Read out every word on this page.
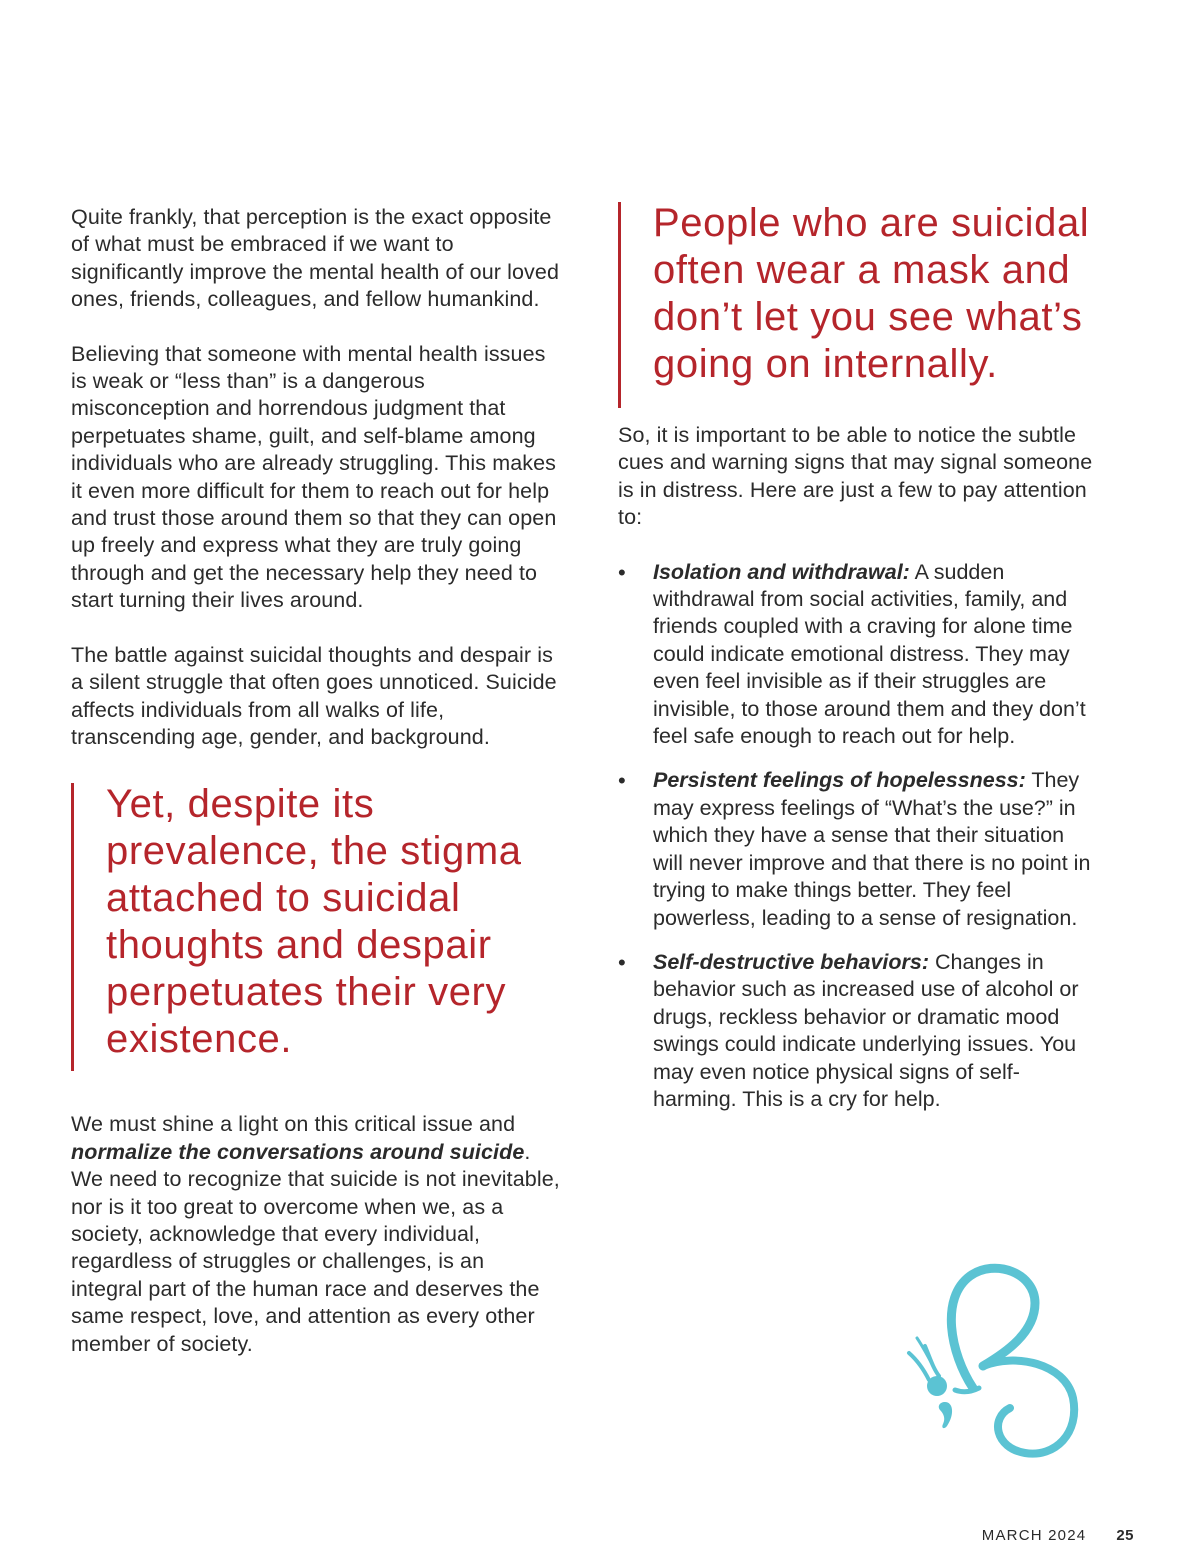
Quite frankly, that perception is the exact opposite of what must be embraced if we want to significantly improve the mental health of our loved ones, friends, colleagues, and fellow humankind.

Believing that someone with mental health issues is weak or “less than” is a dangerous misconception and horrendous judgment that perpetuates shame, guilt, and self-blame among individuals who are already struggling. This makes it even more difficult for them to reach out for help and trust those around them so that they can open up freely and express what they are truly going through and get the necessary help they need to start turning their lives around.

The battle against suicidal thoughts and despair is a silent struggle that often goes unnoticed. Suicide affects individuals from all walks of life, transcending age, gender, and background.

Yet, despite its prevalence, the stigma attached to suicidal thoughts and despair perpetuates their very existence.

We must shine a light on this critical issue and normalize the conversations around suicide. We need to recognize that suicide is not inevitable, nor is it too great to overcome when we, as a society, acknowledge that every individual, regardless of struggles or challenges, is an integral part of the human race and deserves the same respect, love, and attention as every other member of society.

People who are suicidal often wear a mask and don’t let you see what’s going on internally.

So, it is important to be able to notice the subtle cues and warning signs that may signal someone is in distress. Here are just a few to pay attention to:

• Isolation and withdrawal: A sudden withdrawal from social activities, family, and friends coupled with a craving for alone time could indicate emotional distress. They may even feel invisible as if their struggles are invisible, to those around them and they don’t feel safe enough to reach out for help.
• Persistent feelings of hopelessness: They may express feelings of “What’s the use?” in which they have a sense that their situation will never improve and that there is no point in trying to make things better. They feel powerless, leading to a sense of resignation.
• Self-destructive behaviors: Changes in behavior such as increased use of alcohol or drugs, reckless behavior or dramatic mood swings could indicate underlying issues. You may even notice physical signs of self-harming. This is a cry for help.
MARCH 2024 25
